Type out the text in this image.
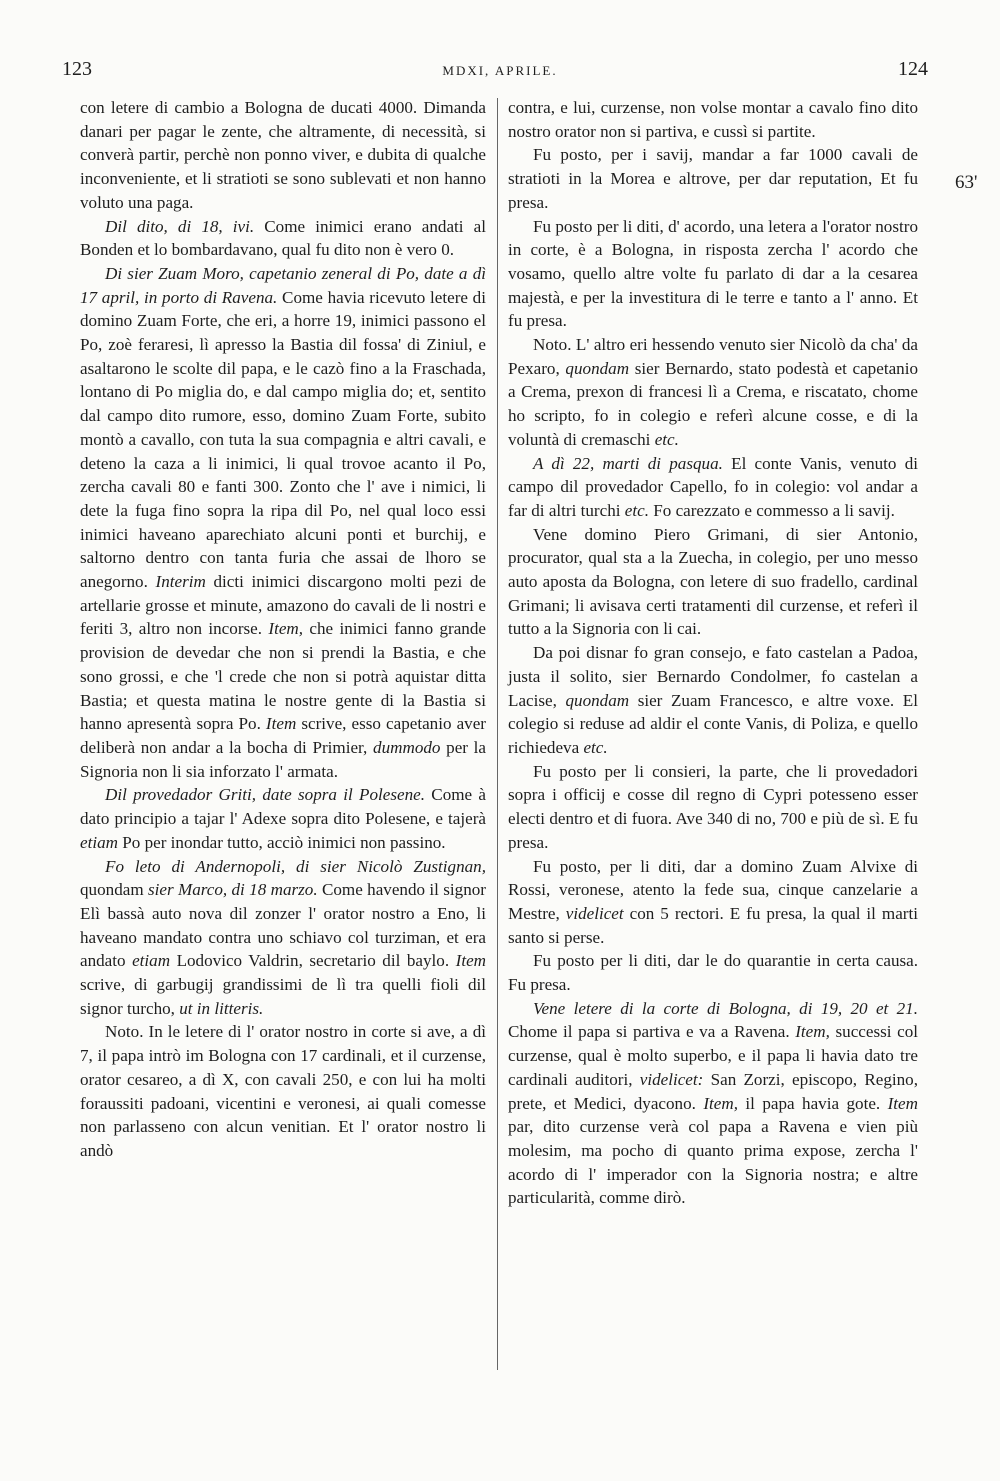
123	MDXI, APRILE.	124
63'

con letere di cambio a Bologna de ducati 4000. Dimanda danari per pagar le zente, che altramente, di necessità, si converà partir, perchè non ponno viver, e dubita di qualche inconveniente, et li stratioti se sono sublevati et non hanno voluto una paga.

Dil dito, di 18, ivi. Come inimici erano andati al Bonden et lo bombardavano, qual fu dito non è vero 0.

Di sier Zuam Moro, capetanio zeneral di Po, date a dì 17 april, in porto di Ravena. Come havia ricevuto letere di domino Zuam Forte, che eri, a horre 19, inimici passono el Po, zoè feraresi, lì apresso la Bastia dil fossa' di Ziniul, e asaltarono le scolte dil papa, e le cazò fino a la Fraschada, lontano di Po miglia do, e dal campo miglia do; et, sentito dal campo dito rumore, esso, domino Zuam Forte, subito montò a cavallo, con tuta la sua compagnia e altri cavali, e deteno la caza a li inimici, li qual trovoe acanto il Po, zercha cavali 80 e fanti 300. Zonto che l' ave i nimici, li dete la fuga fino sopra la ripa dil Po, nel qual loco essi inimici haveano aparechiato alcuni ponti et burchij, e saltorno dentro con tanta furia che assai de lhoro se anegorno. Interim dicti inimici discargono molti pezi de artellarie grosse et minute, amazono do cavali de li nostri e feriti 3, altro non incorse. Item, che inimici fanno grande provision de devedar che non si prendi la Bastia, e che sono grossi, e che 'l crede che non si potrà aquistar ditta Bastia; et questa matina le nostre gente di la Bastia si hanno apresentà sopra Po. Item scrive, esso capetanio aver deliberà non andar a la bocha di Primier, dummodo per la Signoria non li sia inforzato l' armata.

Dil provedador Griti, date sopra il Polesene. Come à dato principio a tajar l' Adexe sopra dito Polesene, e tajerà etiam Po per inondar tutto, acciò inimici non passino.

Fo leto di Andernopoli, di sier Nicolò Zustignan, quondam sier Marco, di 18 marzo. Come havendo il signor Elì bassà auto nova dil zonzer l' orator nostro a Eno, li haveano mandato contra uno schiavo col turziman, et era andato etiam Lodovico Valdrin, secretario dil baylo. Item scrive, di garbugij grandissimi de lì tra quelli fioli dil signor turcho, ut in litteris.

Noto. In le letere di l' orator nostro in corte si ave, a dì 7, il papa intrò im Bologna con 17 cardinali, et il curzense, orator cesareo, a dì X, con cavali 250, e con lui ha molti foraussiti padoani, vicentini e veronesi, ai quali comesse non parlasseno con alcun venitian. Et l' orator nostro li andò

contra, e lui, curzense, non volse montar a cavalo fino dito nostro orator non si partiva, e cussì si partite.

Fu posto, per i savij, mandar a far 1000 cavali de stratioti in la Morea e altrove, per dar reputation, Et fu presa.

Fu posto per li diti, d' acordo, una letera a l'orator nostro in corte, è a Bologna, in risposta zercha l' acordo che vosamo, quello altre volte fu parlato di dar a la cesarea majestà, e per la investitura di le terre e tanto a l' anno. Et fu presa.

Noto. L' altro eri hessendo venuto sier Nicolò da cha' da Pexaro, quondam sier Bernardo, stato podestà et capetanio a Crema, prexon di francesi lì a Crema, e riscatato, chome ho scripto, fo in colegio e referì alcune cosse, e di la voluntà di cremaschi etc.

A dì 22, marti di pasqua. El conte Vanis, venuto di campo dil provedador Capello, fo in colegio: vol andar a far di altri turchi etc. Fo carezzato e commesso a li savij.

Vene domino Piero Grimani, di sier Antonio, procurator, qual sta a la Zuecha, in colegio, per uno messo auto aposta da Bologna, con letere di suo fradello, cardinal Grimani; li avisava certi tratamenti dil curzense, et referì il tutto a la Signoria con li cai.

Da poi disnar fo gran consejo, e fato castelan a Padoa, justa il solito, sier Bernardo Condolmer, fo castelan a Lacise, quondam sier Zuam Francesco, e altre voxe. El colegio si reduse ad aldir el conte Vanis, di Poliza, e quello richiedeva etc.

Fu posto per li consieri, la parte, che li provedadori sopra i officij e cosse dil regno di Cypri potesseno esser electi dentro et di fuora. Ave 340 di no, 700 e più de sì. E fu presa.

Fu posto, per li diti, dar a domino Zuam Alvixe di Rossi, veronese, atento la fede sua, cinque canzelarie a Mestre, videlicet con 5 rectori. E fu presa, la qual il marti santo si perse.

Fu posto per li diti, dar le do quarantie in certa causa. Fu presa.

Vene letere di la corte di Bologna, di 19, 20 et 21. Chome il papa si partiva e va a Ravena. Item, successi col curzense, qual è molto superbo, e il papa li havia dato tre cardinali auditori, videlicet: San Zorzi, episcopo, Regino, prete, et Medici, dyacono. Item, il papa havia gote. Item par, dito curzense verà col papa a Ravena e vien più molesim, ma pocho di quanto prima expose, zercha l' acordo di l' imperador con la Signoria nostra; e altre particularità, comme dirò.
